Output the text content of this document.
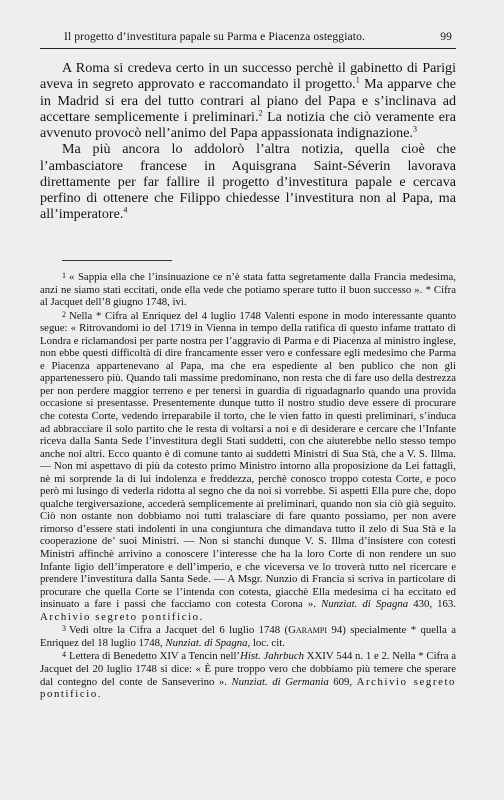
Il progetto d’investitura papale su Parma e Piacenza osteggiato.	99

A Roma si credeva certo in un successo perchè il gabinetto di Parigi aveva in segreto approvato e raccomandato il progetto.$^1$ Ma apparve che in Madrid si era del tutto contrari al piano del Papa e s’inclinava ad accettare semplicemente i preliminari.$^2$ La notizia che ciò veramente era avvenuto provocò nell’animo del Papa appassionata indignazione.$^3$

Ma più ancora lo addolorò l’altra notizia, quella cioè che l’ambasciatore francese in Aquisgrana Saint-Séverin lavorava direttamente per far fallire il progetto d’investitura papale e cercava perfino di ottenere che Filippo chiedesse l’investitura non al Papa, ma all’imperatore.$^4$

1 « Sappia ella che l’insinuazione ce n’è stata fatta segretamente dalla Francia medesima, anzi ne siamo stati eccitati, onde ella vede che potiamo sperare tutto il buon successo ». * Cifra al Jacquet dell’8 giugno 1748, ivi.

2 Nella * Cifra al Enriquez del 4 luglio 1748 Valenti espone in modo interessante quanto segue: « Ritrovandomi io del 1719 in Vienna in tempo della ratifica di questo infame trattato di Londra e riclamandosi per parte nostra per l’aggravio di Parma e di Piacenza al ministro inglese, non ebbe questi difficoltà di dire francamente esser vero e confessare egli medesimo che Parma e Piacenza appartenevano al Papa, ma che era espediente al ben publico che non gli appartenessero più. Quando tali massime predominano, non resta che di fare uso della destrezza per non perdere maggior terreno e per tenersi in guardia di riguadagnarlo quando una provida occasione si presentasse. Presentemente dunque tutto il nostro studio deve essere di procurare che cotesta Corte, vedendo irreparabile il torto, che le vien fatto in questi preliminari, s’induca ad abbracciare il solo partito che le resta di voltarsi a noi e di desiderare e cercare che l’Infante riceva dalla Santa Sede l’investitura degli Stati suddetti, con che aiuterebbe nello stesso tempo anche noi altri. Ecco quanto è di comune tanto ai suddetti Ministri di Sua Stà, che a V. S. Illma. — Non mi aspettavo di più da cotesto primo Ministro intorno alla proposizione da Lei fattagli, nè mi sorprende la di lui indolenza e freddezza, perchè conosco troppo cotesta Corte, e poco però mi lusingo di vederla ridotta al segno che da noi si vorrebbe. Si aspetti Ella pure che, dopo qualche tergiversazione, accederà semplicemente ai preliminari, quando non sia ciò già seguito. Ciò non ostante non dobbiamo noi tutti tralasciare di fare quanto possiamo, per non avere rimorso d’essere stati indolenti in una congiuntura che dimandava tutto il zelo di Sua Stà e la cooperazione de’ suoi Ministri. — Non si stanchi dunque V. S. Illma d’insistere con cotesti Ministri affinchè arrivino a conoscere l’interesse che ha la loro Corte di non rendere un suo Infante ligio dell’imperatore e dell’imperio, e che viceversa ve lo troverà tutto nel ricercare e prendere l’investitura dalla Santa Sede. — A Msgr. Nunzio di Francia si scriva in particolare di procurare che quella Corte se l’intenda con cotesta, giacchè Ella medesima ci ha eccitato ed insinuato a fare i passi che facciamo con cotesta Corona ». Nunziat. di Spagna 430, 163. Archivio segreto pontificio.

3 Vedi oltre la Cifra a Jacquet del 6 luglio 1748 (Garampi 94) specialmente * quella a Enriquez del 18 luglio 1748, Nunziat. di Spagna, loc. cit.

4 Lettera di Benedetto XIV a Tencin nell’Hist. Jahrbuch XXIV 544 n. 1 e 2. Nella * Cifra a Jacquet del 20 luglio 1748 si dice: « È pure troppo vero che dobbiamo più temere che sperare dal contegno del conte de Sanseverino ». Nunziat. di Germania 609, Archivio segreto pontificio.
